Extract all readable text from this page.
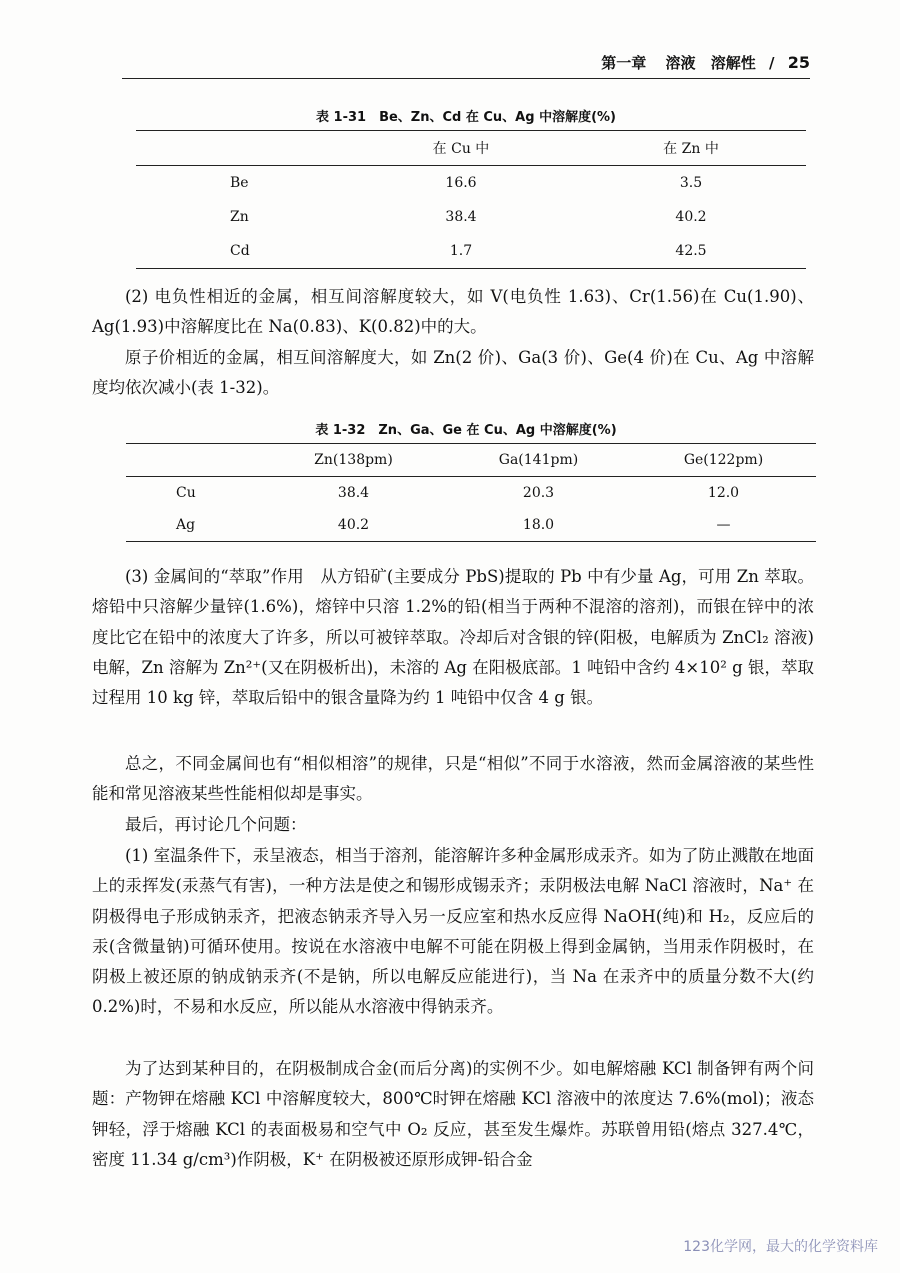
第一章 溶液 溶解性 / 25
表 1-31　Be、Zn、Cd 在 Cu、Ag 中溶解度(%)
	在 Cu 中	在 Zn 中
Be	16.6	3.5
Zn	38.4	40.2
Cd	1.7	42.5

(2) 电负性相近的金属，相互间溶解度较大，如 V(电负性 1.63)、Cr(1.56)在 Cu(1.90)、Ag(1.93)中溶解度比在 Na(0.83)、K(0.82)中的大。

原子价相近的金属，相互间溶解度大，如 Zn(2 价)、Ga(3 价)、Ge(4 价)在 Cu、Ag 中溶解度均依次减小(表 1-32)。

表 1-32　Zn、Ga、Ge 在 Cu、Ag 中溶解度(%)
	Zn(138pm)	Ga(141pm)	Ge(122pm)
Cu	38.4	20.3	12.0
Ag	40.2	18.0	—

(3) 金属间的“萃取”作用　从方铅矿(主要成分 PbS)提取的 Pb 中有少量 Ag，可用 Zn 萃取。熔铅中只溶解少量锌(1.6%)，熔锌中只溶 1.2%的铅(相当于两种不混溶的溶剂)，而银在锌中的浓度比它在铅中的浓度大了许多，所以可被锌萃取。冷却后对含银的锌(阳极，电解质为 ZnCl₂ 溶液)电解，Zn 溶解为 Zn²⁺(又在阴极析出)，未溶的 Ag 在阳极底部。1 吨铅中含约 4×10² g 银，萃取过程用 10 kg 锌，萃取后铅中的银含量降为约 1 吨铅中仅含 4 g 银。

总之，不同金属间也有“相似相溶”的规律，只是“相似”不同于水溶液，然而金属溶液的某些性能和常见溶液某些性能相似却是事实。

最后，再讨论几个问题：

(1) 室温条件下，汞呈液态，相当于溶剂，能溶解许多种金属形成汞齐。如为了防止溅散在地面上的汞挥发(汞蒸气有害)，一种方法是使之和锡形成锡汞齐；汞阴极法电解 NaCl 溶液时，Na⁺ 在阴极得电子形成钠汞齐，把液态钠汞齐导入另一反应室和热水反应得 NaOH(纯)和 H₂，反应后的汞(含微量钠)可循环使用。按说在水溶液中电解不可能在阴极上得到金属钠，当用汞作阴极时，在阴极上被还原的钠成钠汞齐(不是钠，所以电解反应能进行)，当 Na 在汞齐中的质量分数不大(约 0.2%)时，不易和水反应，所以能从水溶液中得钠汞齐。

为了达到某种目的，在阴极制成合金(而后分离)的实例不少。如电解熔融 KCl 制备钾有两个问题：产物钾在熔融 KCl 中溶解度较大，800℃时钾在熔融 KCl 溶液中的浓度达 7.6%(mol)；液态钾轻，浮于熔融 KCl 的表面极易和空气中 O₂ 反应，甚至发生爆炸。苏联曾用铅(熔点 327.4℃，密度 11.34 g/cm³)作阴极，K⁺ 在阴极被还原形成钾-铅合金

123化学网，最大的化学资料库
